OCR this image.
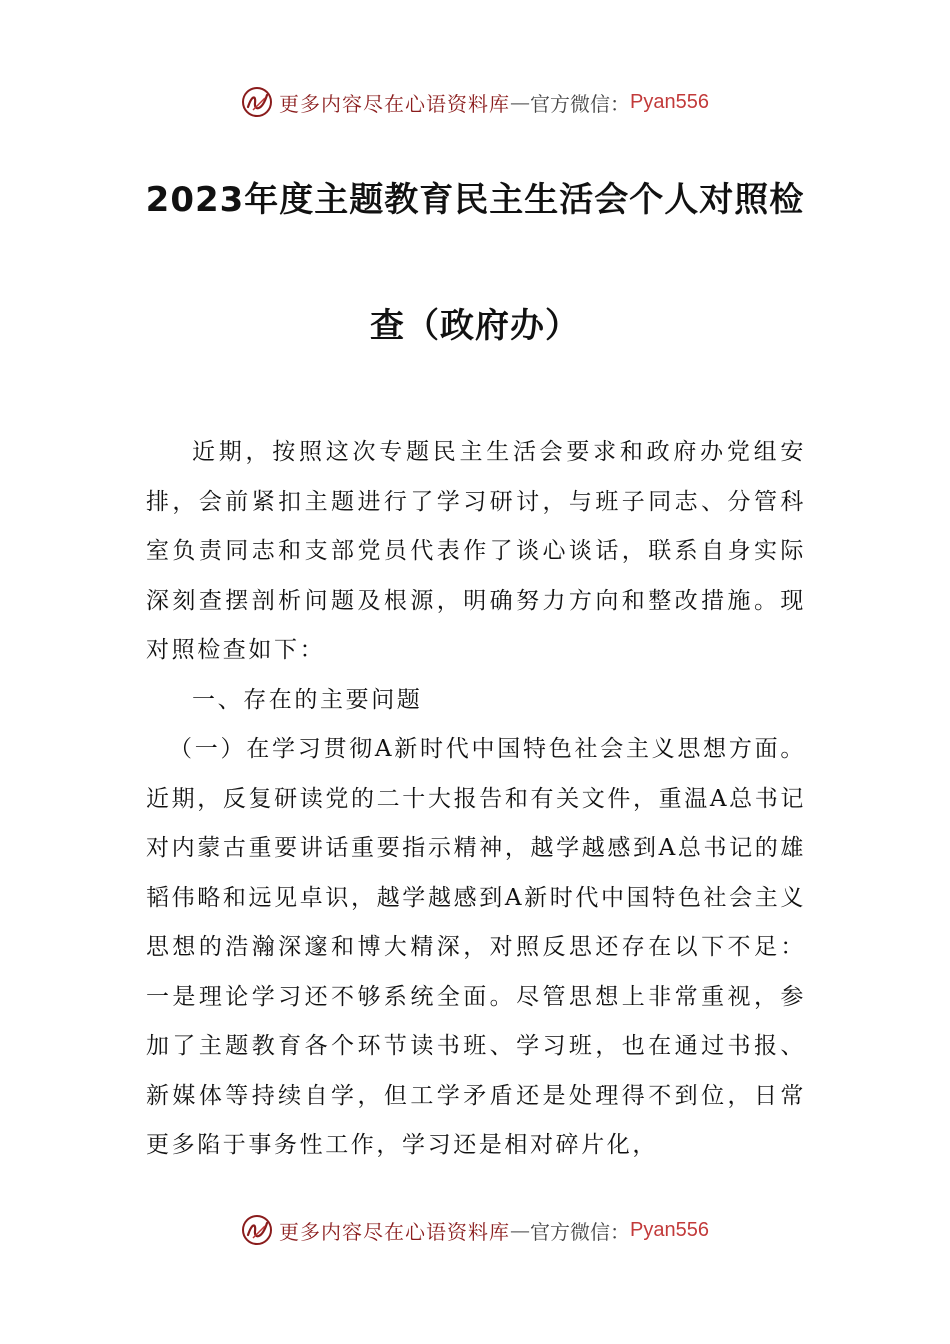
更多内容尽在心语资料库 — 官方微信： Pyan556
2023年度主题教育民主生活会个人对照检
查（政府办）

近期，按照这次专题民主生活会要求和政府办党组安排，会前紧扣主题进行了学习研讨，与班子同志、分管科室负责同志和支部党员代表作了谈心谈话，联系自身实际深刻查摆剖析问题及根源，明确努力方向和整改措施。现对照检查如下：

一、存在的主要问题

（一）在学习贯彻A新时代中国特色社会主义思想方面。近期，反复研读党的二十大报告和有关文件，重温A总书记对内蒙古重要讲话重要指示精神，越学越感到A总书记的雄韬伟略和远见卓识，越学越感到A新时代中国特色社会主义思想的浩瀚深邃和博大精深，对照反思还存在以下不足：一是理论学习还不够系统全面。尽管思想上非常重视，参加了主题教育各个环节读书班、学习班，也在通过书报、新媒体等持续自学，但工学矛盾还是处理得不到位，日常更多陷于事务性工作，学习还是相对碎片化，

更多内容尽在心语资料库 — 官方微信： Pyan556
